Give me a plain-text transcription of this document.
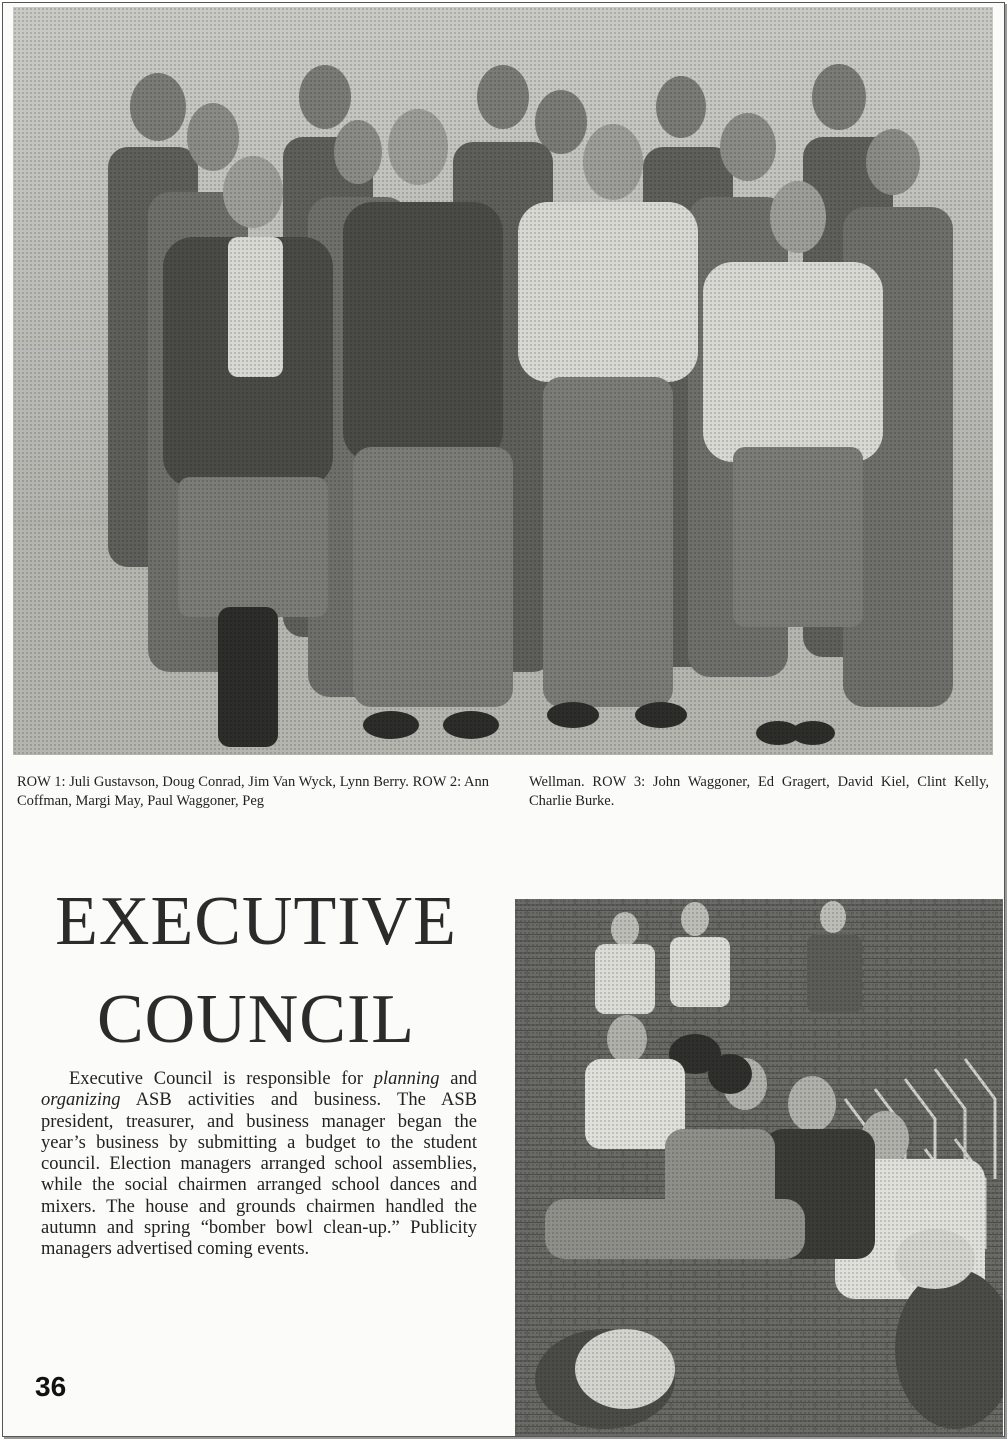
ROW 1: Juli Gustavson, Doug Conrad, Jim Van Wyck, Lynn Berry. ROW 2: Ann Coffman, Margi May, Paul Waggoner, Peg
Wellman. ROW 3: John Waggoner, Ed Gragert, David Kiel, Clint Kelly, Charlie Burke.
EXECUTIVE
COUNCIL

Executive Council is responsible for planning and organizing ASB activities and business. The ASB president, treasurer, and business manager began the year’s business by submitting a budget to the student council. Election managers arranged school assemblies, while the social chairmen arranged school dances and mixers. The house and grounds chairmen handled the autumn and spring “bomber bowl clean-up.” Publicity managers advertised coming events.

36
